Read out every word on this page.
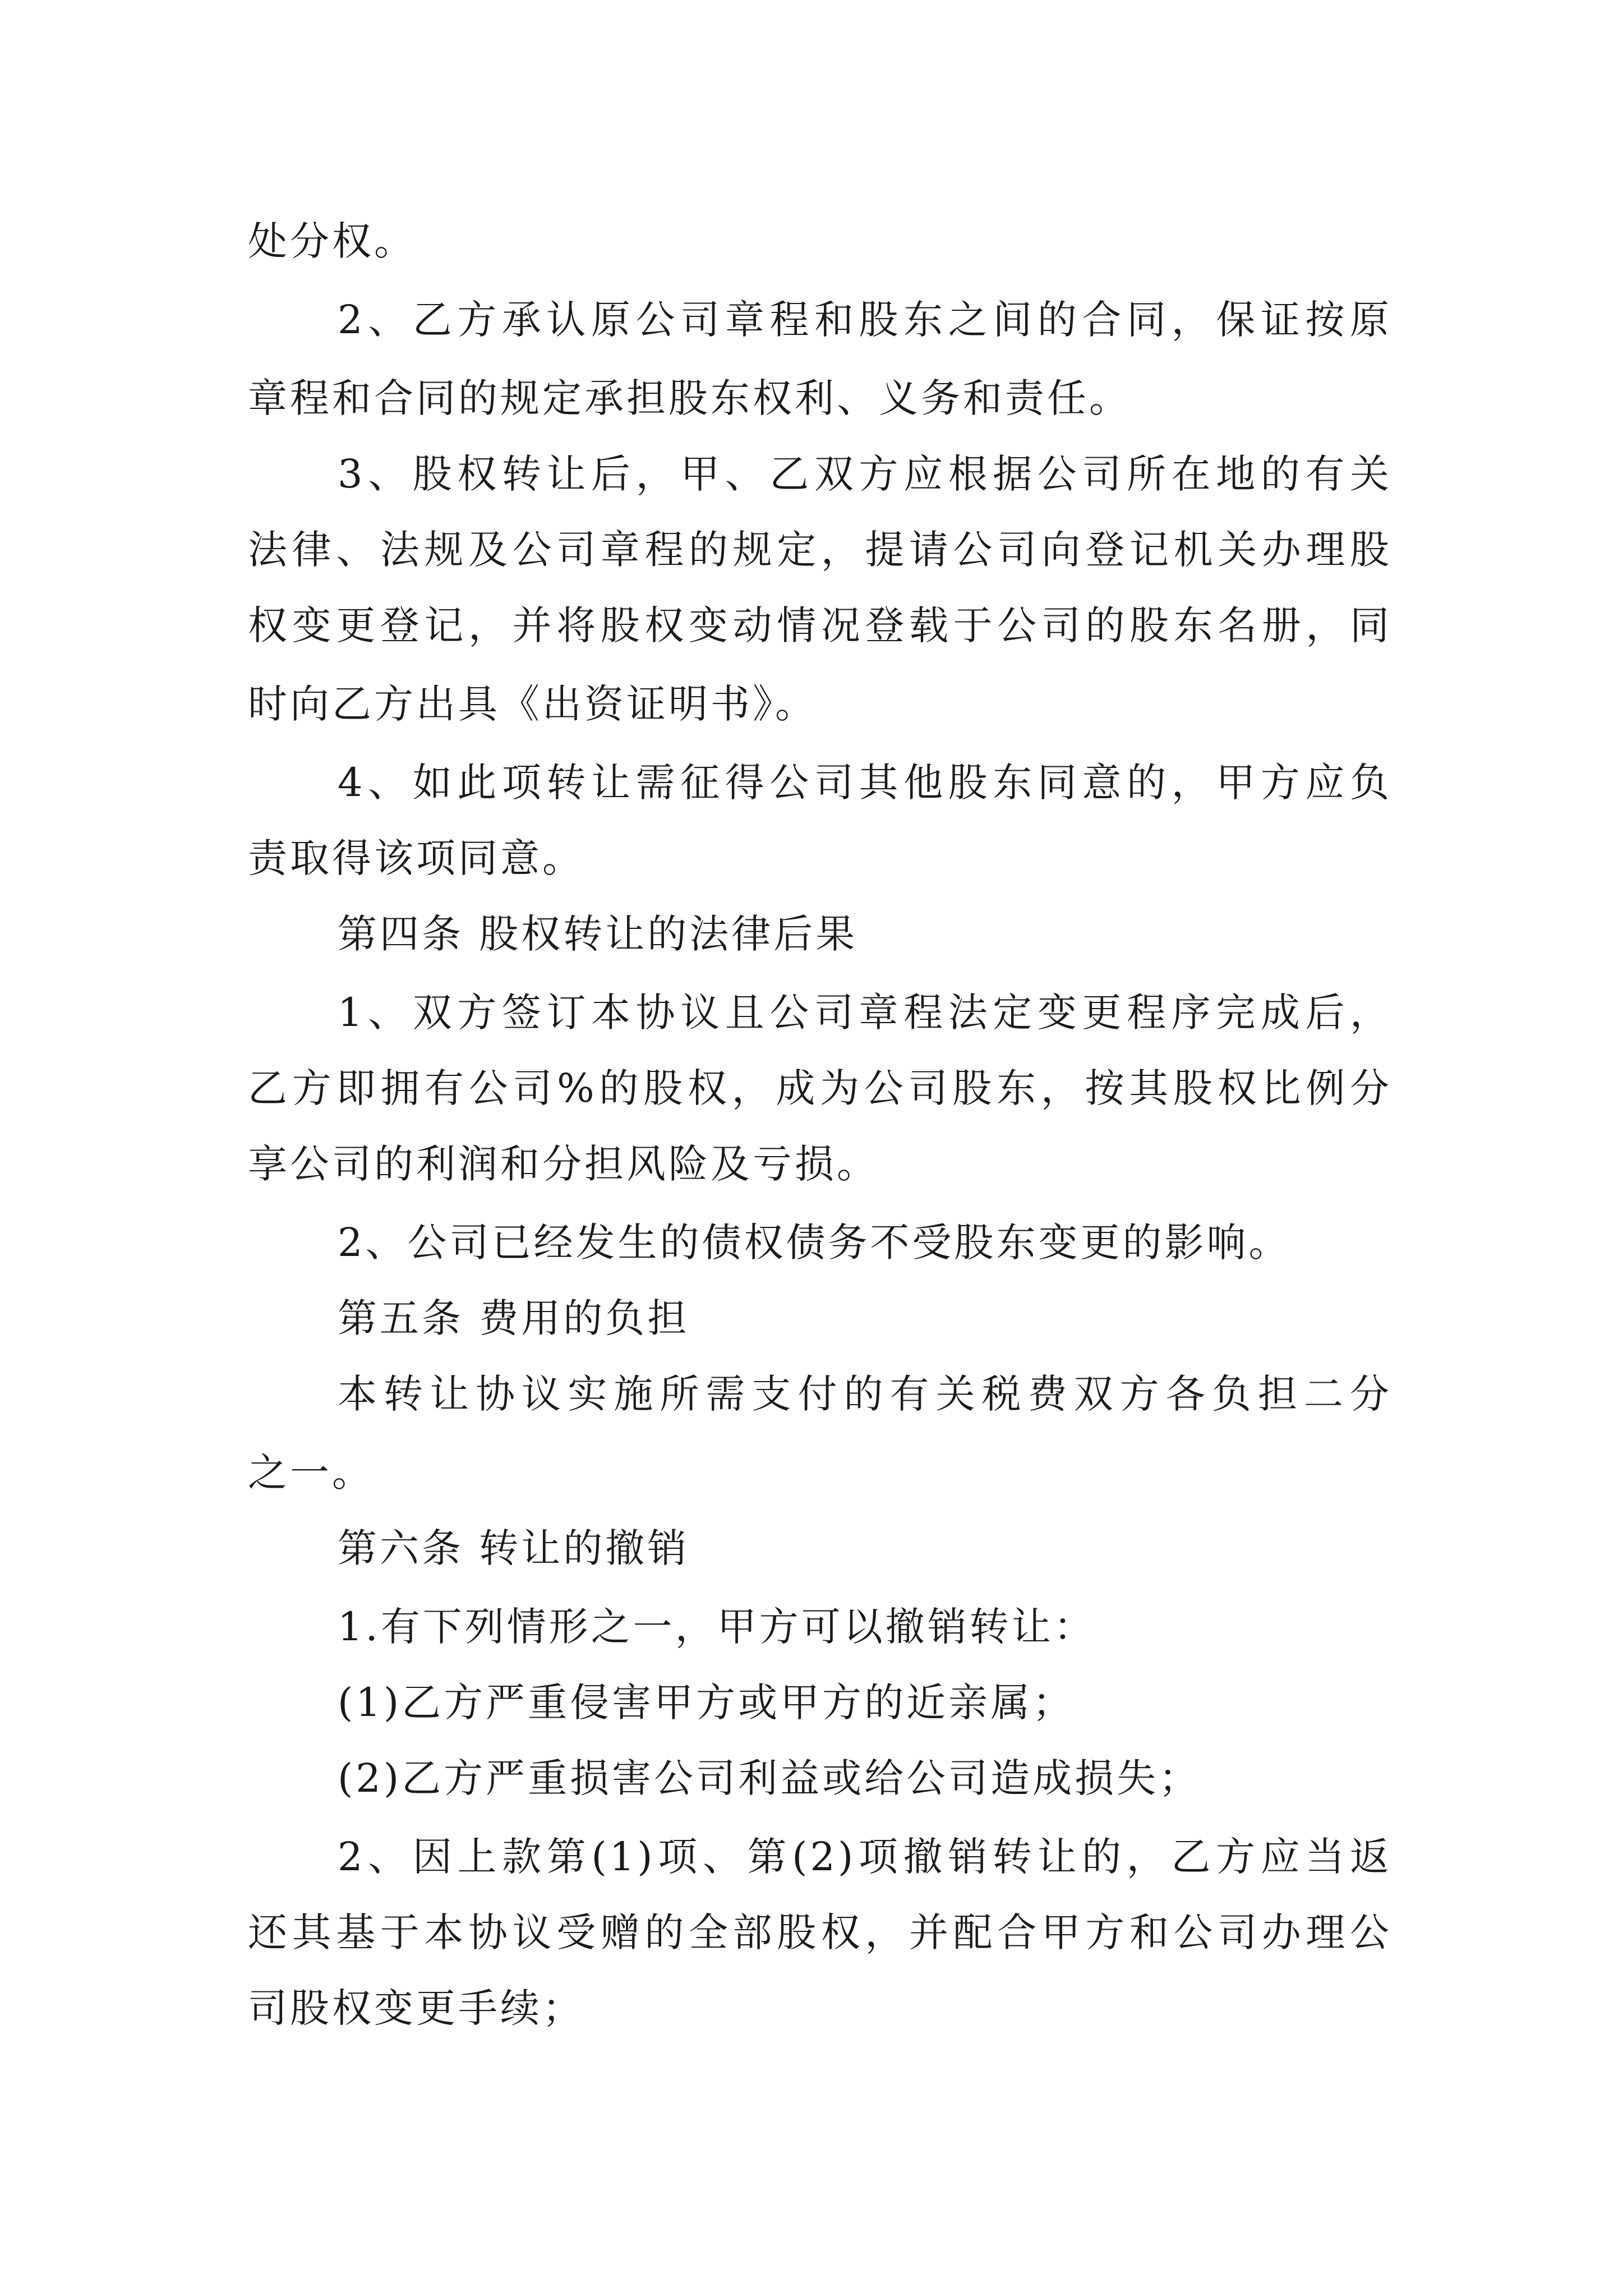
处分权。
2、乙方承认原公司章程和股东之间的合同，保证按原
章程和合同的规定承担股东权利、义务和责任。
3、股权转让后，甲、乙双方应根据公司所在地的有关
法律、法规及公司章程的规定，提请公司向登记机关办理股
权变更登记，并将股权变动情况登载于公司的股东名册，同
时向乙方出具《出资证明书》。
4、如此项转让需征得公司其他股东同意的，甲方应负
责取得该项同意。
第四条 股权转让的法律后果
1、双方签订本协议且公司章程法定变更程序完成后，
乙方即拥有公司%的股权，成为公司股东，按其股权比例分
享公司的利润和分担风险及亏损。
2、公司已经发生的债权债务不受股东变更的影响。
第五条 费用的负担
本转让协议实施所需支付的有关税费双方各负担二分
之一。
第六条 转让的撤销
1.有下列情形之一，甲方可以撤销转让：
(1)乙方严重侵害甲方或甲方的近亲属；
(2)乙方严重损害公司利益或给公司造成损失；
2、因上款第(1)项、第(2)项撤销转让的，乙方应当返
还其基于本协议受赠的全部股权，并配合甲方和公司办理公
司股权变更手续；
